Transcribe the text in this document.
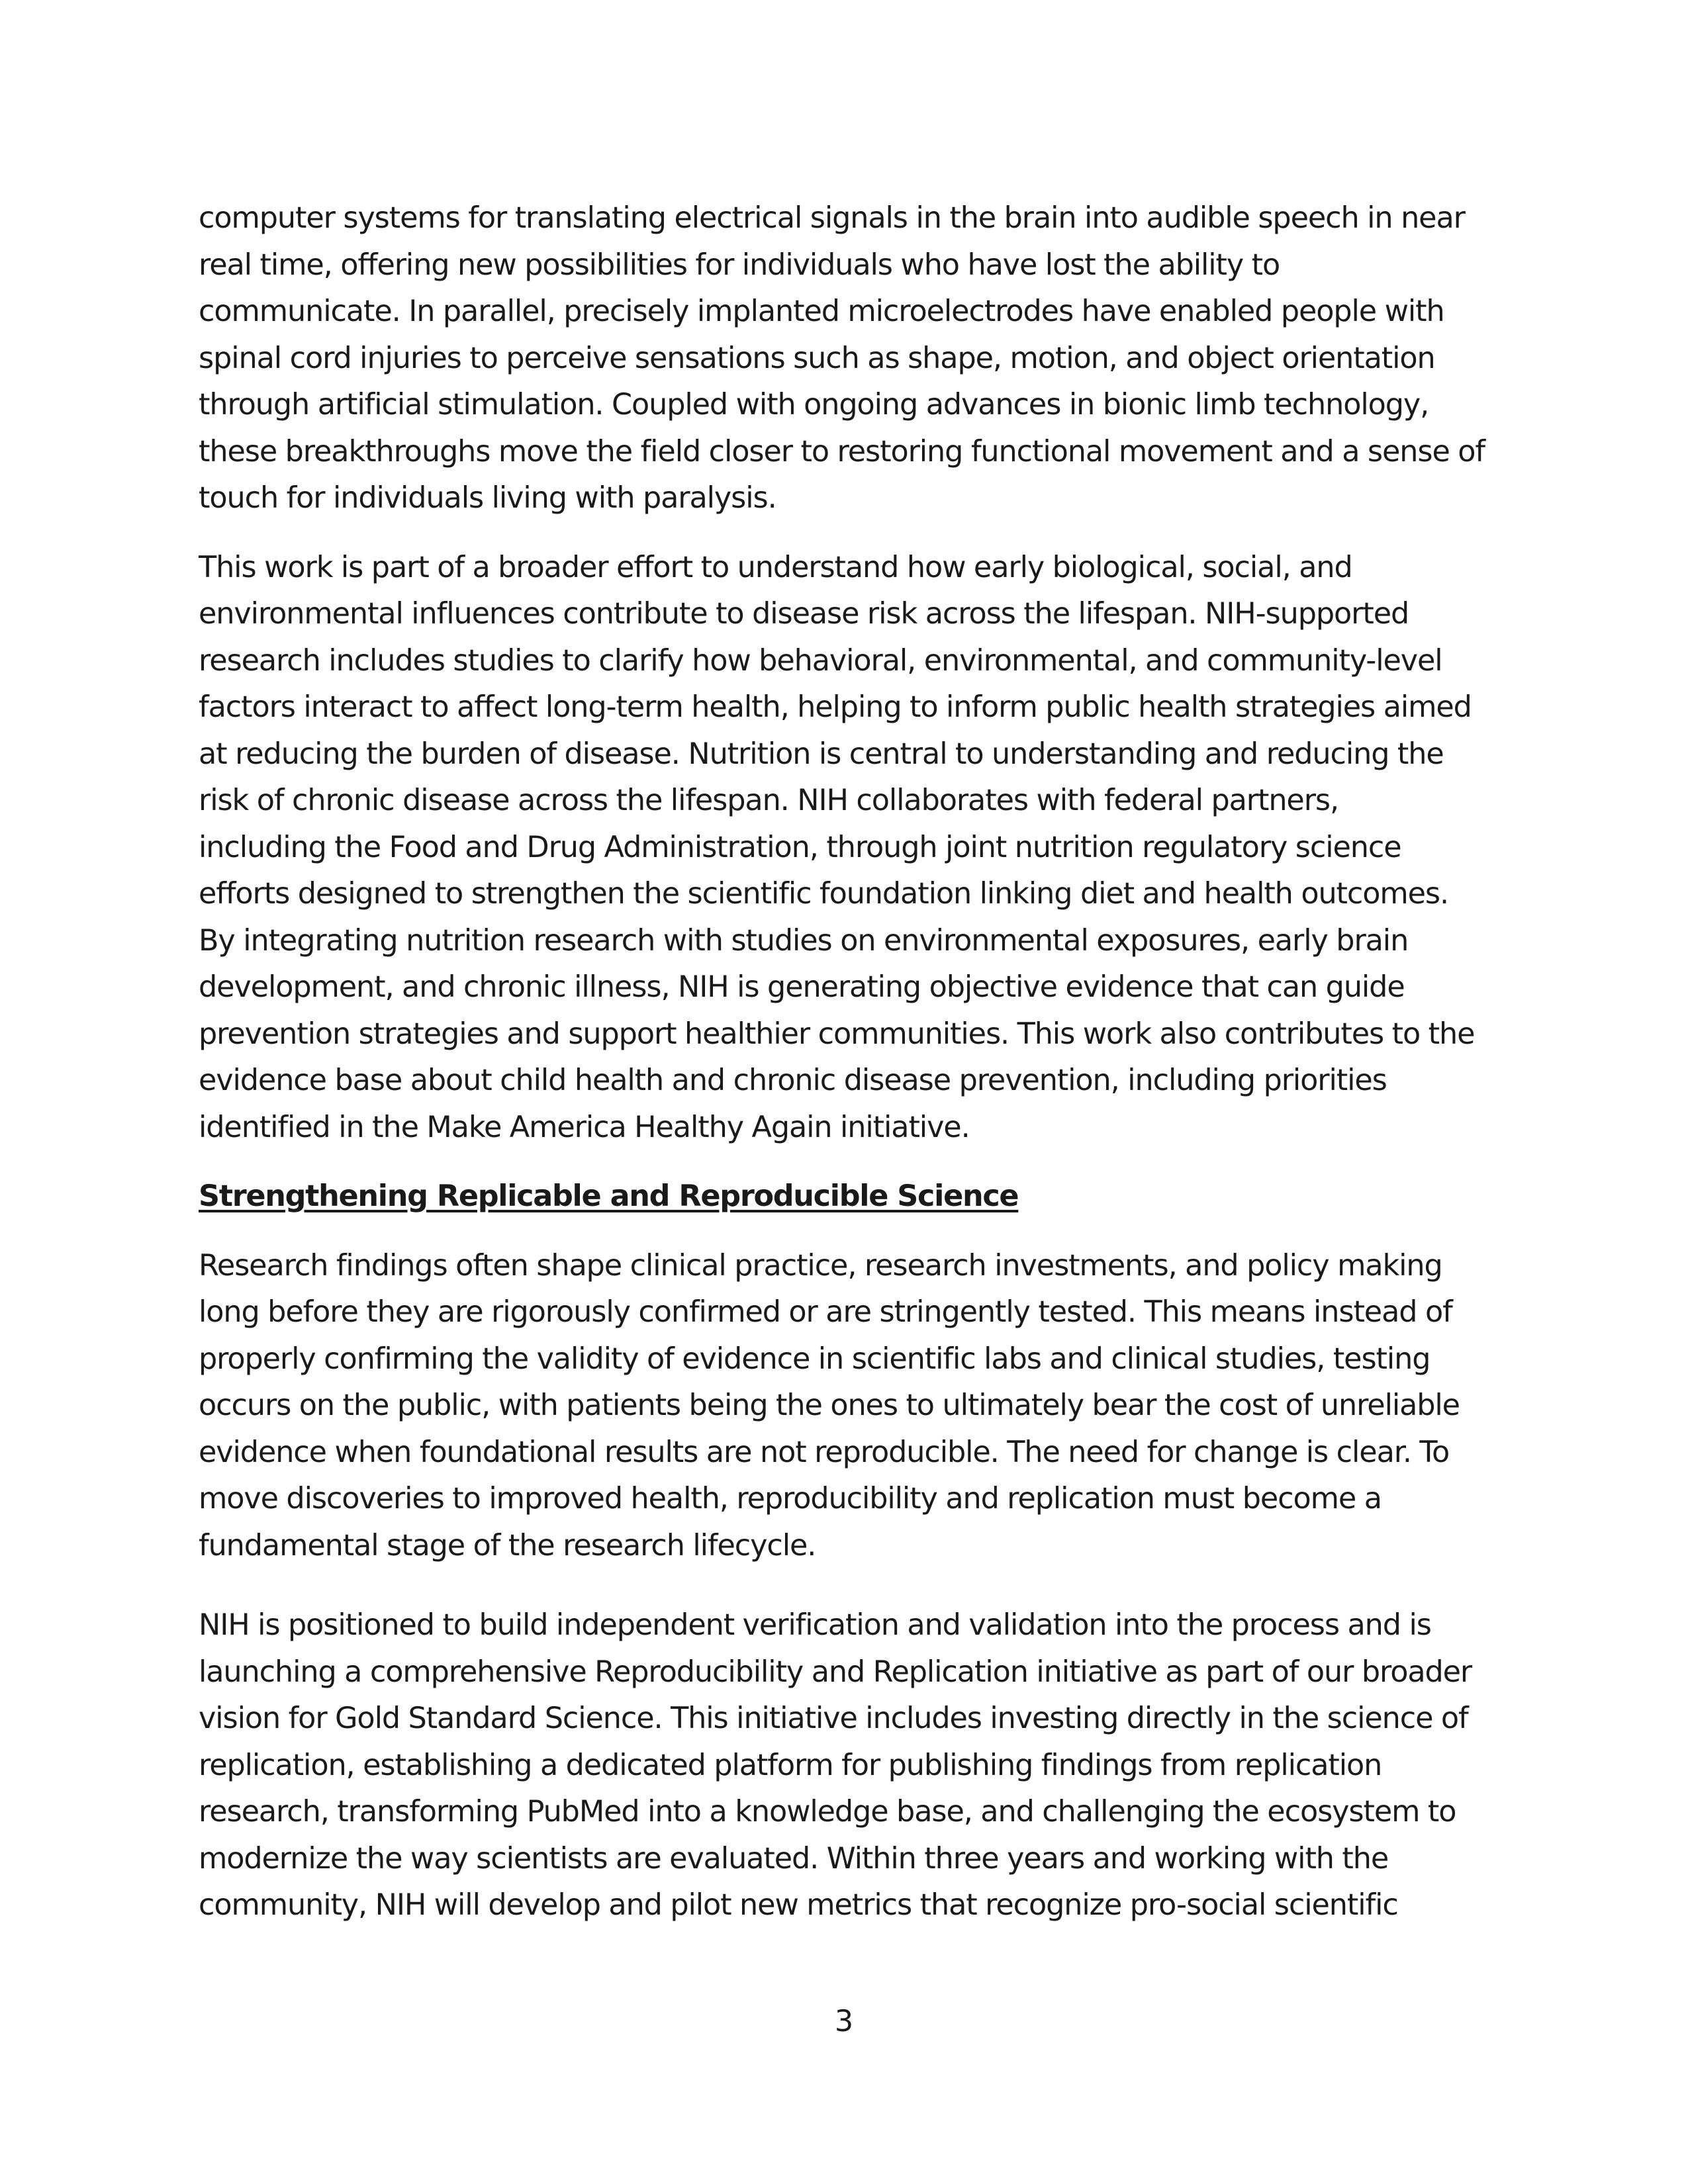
computer systems for translating electrical signals in the brain into audible speech in near
real time, offering new possibilities for individuals who have lost the ability to
communicate. In parallel, precisely implanted microelectrodes have enabled people with
spinal cord injuries to perceive sensations such as shape, motion, and object orientation
through artificial stimulation. Coupled with ongoing advances in bionic limb technology,
these breakthroughs move the field closer to restoring functional movement and a sense of
touch for individuals living with paralysis.

This work is part of a broader effort to understand how early biological, social, and
environmental influences contribute to disease risk across the lifespan. NIH-supported
research includes studies to clarify how behavioral, environmental, and community-level
factors interact to affect long-term health, helping to inform public health strategies aimed
at reducing the burden of disease. Nutrition is central to understanding and reducing the
risk of chronic disease across the lifespan. NIH collaborates with federal partners,
including the Food and Drug Administration, through joint nutrition regulatory science
efforts designed to strengthen the scientific foundation linking diet and health outcomes.
By integrating nutrition research with studies on environmental exposures, early brain
development, and chronic illness, NIH is generating objective evidence that can guide
prevention strategies and support healthier communities. This work also contributes to the
evidence base about child health and chronic disease prevention, including priorities
identified in the Make America Healthy Again initiative.

Strengthening Replicable and Reproducible Science

Research findings often shape clinical practice, research investments, and policy making
long before they are rigorously confirmed or are stringently tested. This means instead of
properly confirming the validity of evidence in scientific labs and clinical studies, testing
occurs on the public, with patients being the ones to ultimately bear the cost of unreliable
evidence when foundational results are not reproducible. The need for change is clear. To
move discoveries to improved health, reproducibility and replication must become a
fundamental stage of the research lifecycle.

NIH is positioned to build independent verification and validation into the process and is
launching a comprehensive Reproducibility and Replication initiative as part of our broader
vision for Gold Standard Science. This initiative includes investing directly in the science of
replication, establishing a dedicated platform for publishing findings from replication
research, transforming PubMed into a knowledge base, and challenging the ecosystem to
modernize the way scientists are evaluated. Within three years and working with the
community, NIH will develop and pilot new metrics that recognize pro-social scientific

3
